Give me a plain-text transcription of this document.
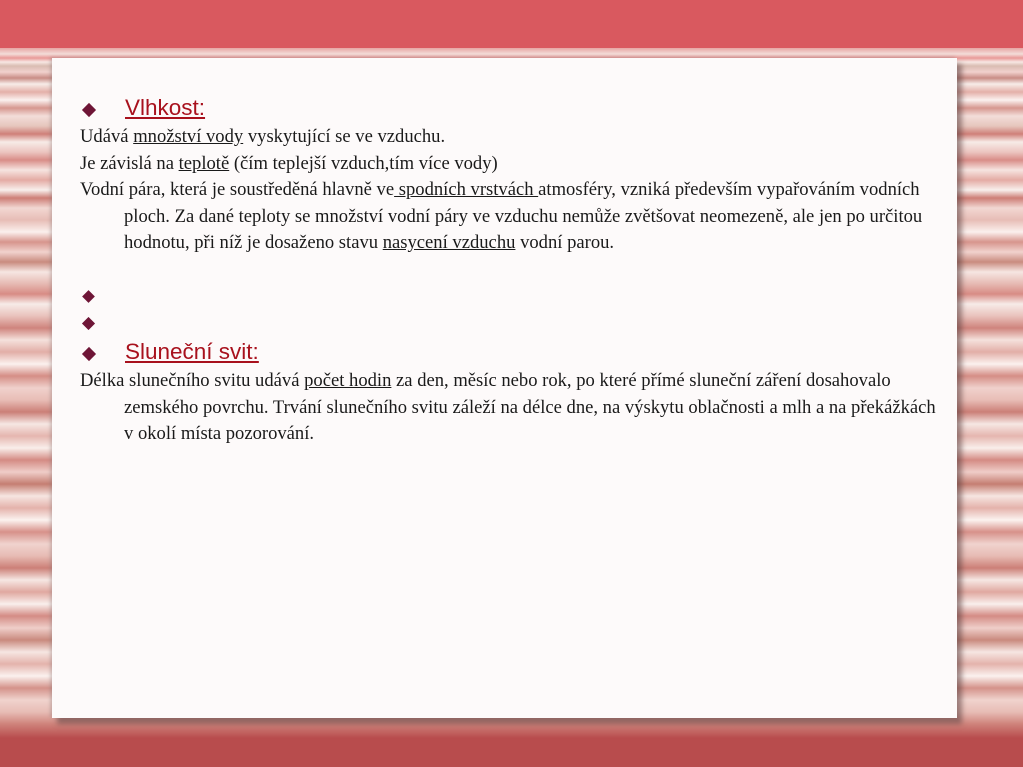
Vlhkost:

Udává množství vody vyskytující se ve vzduchu.

Je závislá na teplotě (čím teplejší vzduch,tím více vody)

Vodní pára, která je soustředěná hlavně ve spodních vrstvách atmosféry, vzniká především vypařováním vodních ploch. Za dané teploty se množství vodní páry ve vzduchu nemůže zvětšovat neomezeně, ale jen po určitou hodnotu, při níž je dosaženo stavu nasycení vzduchu vodní parou.

Sluneční svit:

Délka slunečního svitu udává počet hodin za den, měsíc nebo rok, po které přímé sluneční záření dosahovalo zemského povrchu. Trvání slunečního svitu záleží na délce dne, na výskytu oblačnosti a mlh a na překážkách v okolí místa pozorování.
